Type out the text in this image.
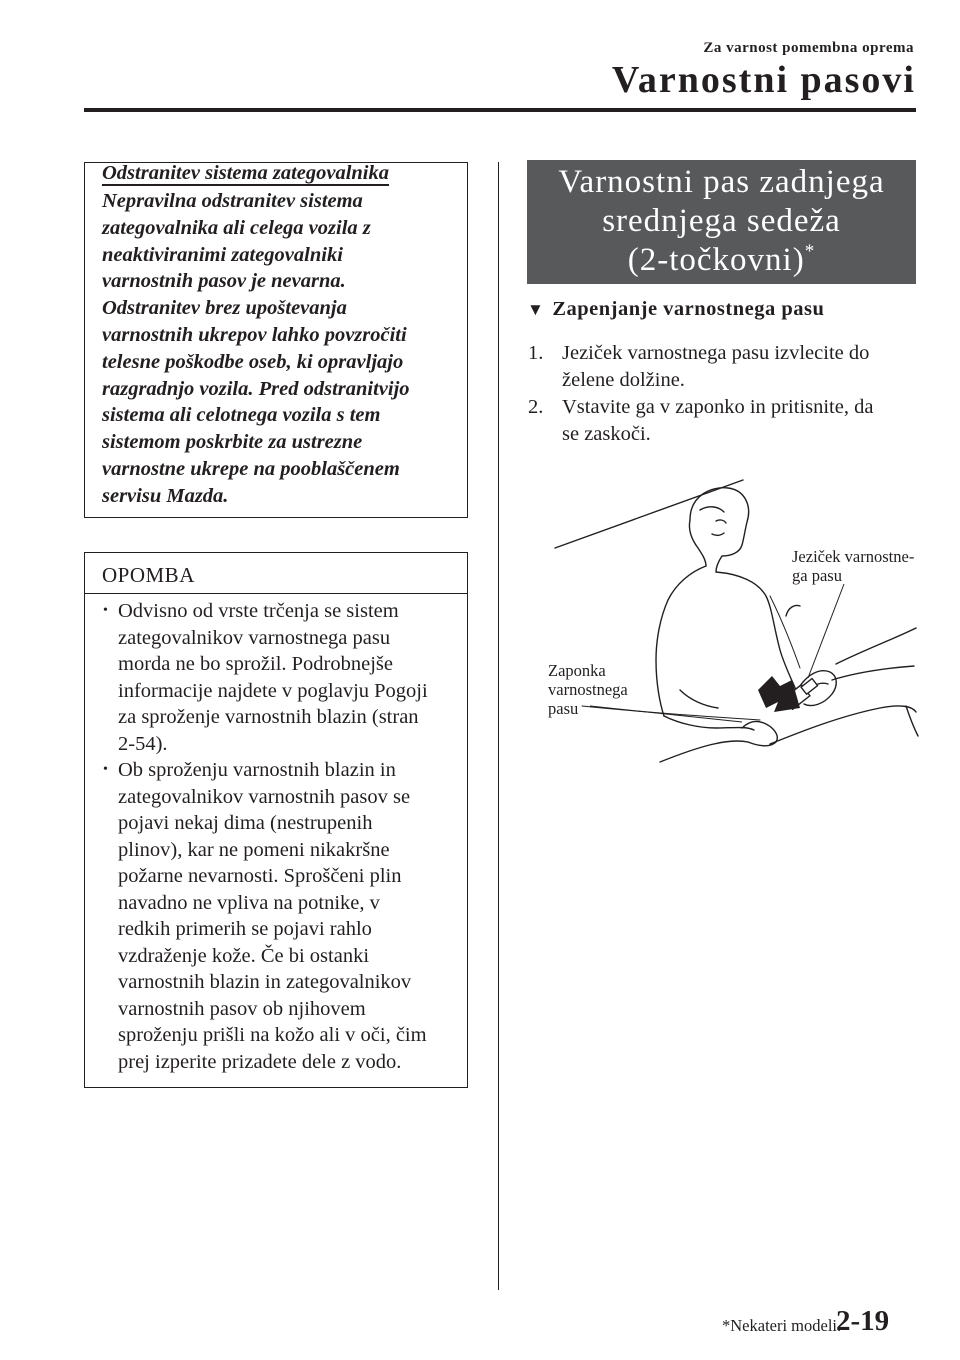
Za varnost pomembna oprema
Varnostni pasovi
Odstranitev sistema zategovalnika
Nepravilna odstranitev sistema
zategovalnika ali celega vozila z
neaktiviranimi zategovalniki
varnostnih pasov je nevarna.
Odstranitev brez upoštevanja
varnostnih ukrepov lahko povzročiti
telesne poškodbe oseb, ki opravljajo
razgradnjo vozila. Pred odstranitvijo
sistema ali celotnega vozila s tem
sistemom poskrbite za ustrezne
varnostne ukrepe na pooblaščenem
servisu Mazda.
OPOMBA
• Odvisno od vrste trčenja se sistem
zategovalnikov varnostnega pasu
morda ne bo sprožil. Podrobnejše
informacije najdete v poglavju Pogoji
za sproženje varnostnih blazin (stran
2-54).
• Ob sproženju varnostnih blazin in
zategovalnikov varnostnih pasov se
pojavi nekaj dima (nestrupenih
plinov), kar ne pomeni nikakršne
požarne nevarnosti. Sproščeni plin
navadno ne vpliva na potnike, v
redkih primerih se pojavi rahlo
vzdraženje kože. Če bi ostanki
varnostnih blazin in zategovalnikov
varnostnih pasov ob njihovem
sproženju prišli na kožo ali v oči, čim
prej izperite prizadete dele z vodo.
Varnostni pas zadnjega
srednjega sedeža
(2-točkovni)*
▼ Zapenjanje varnostnega pasu
1. Jeziček varnostnega pasu izvlecite do
želene dolžine.
2. Vstavite ga v zaponko in pritisnite, da
se zaskoči.
Jeziček varnostne-
ga pasu
Zaponka
varnostnega
pasu
*Nekateri modeli.
2-19
